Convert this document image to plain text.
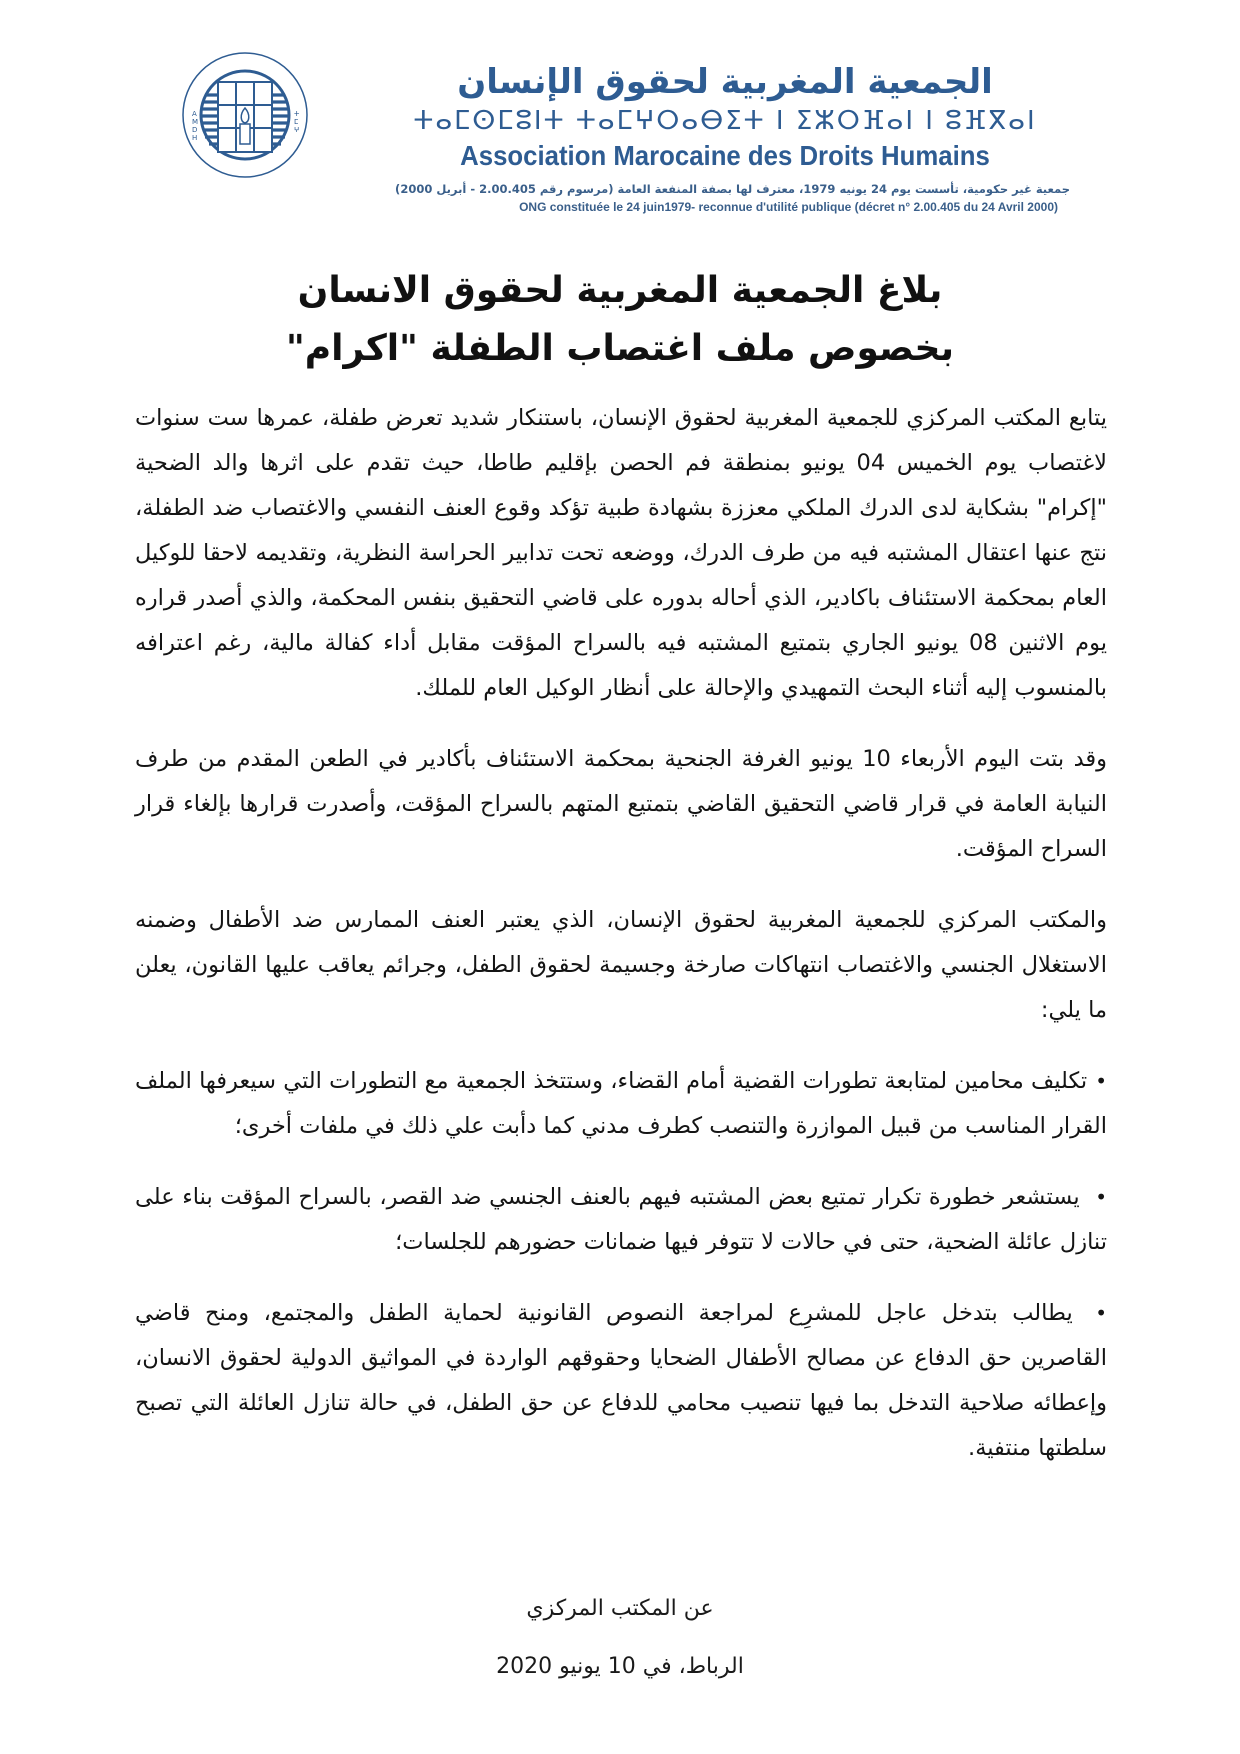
A
M
D
H
ⵜ
ⵎ
ⵖ
الجمعية المغربية لحقوق الإنسان
ⵜⴰⵎⵙⵎⵓⵏⵜ ⵜⴰⵎⵖⵔⴰⴱⵉⵜ ⵏ ⵉⵣⵔⴼⴰⵏ ⵏ ⵓⴼⴳⴰⵏ
Association Marocaine des Droits Humains
جمعية غير حكومية، تأسست يوم 24 يونيه 1979، معترف لها بصفة المنفعة العامة (مرسوم رقم 2.00.405 - أبريل 2000)
ONG constituée le 24 juin1979- reconnue d'utilité publique (décret n° 2.00.405 du 24 Avril 2000)
بلاغ الجمعية المغربية لحقوق الانسان
بخصوص ملف اغتصاب الطفلة "اكرام"

يتابع المكتب المركزي للجمعية المغربية لحقوق الإنسان، باستنكار شديد تعرض طفلة، عمرها ست سنوات لاغتصاب يوم الخميس 04 يونيو بمنطقة فم الحصن بإقليم طاطا، حيث تقدم على اثرها والد الضحية "إكرام" بشكاية لدى الدرك الملكي معززة بشهادة طبية تؤكد وقوع العنف النفسي والاغتصاب ضد الطفلة، نتج عنها اعتقال المشتبه فيه من طرف الدرك، ووضعه تحت تدابير الحراسة النظرية، وتقديمه لاحقا للوكيل العام بمحكمة الاستئناف باكادير، الذي أحاله بدوره على قاضي التحقيق بنفس المحكمة، والذي أصدر قراره يوم الاثنين 08 يونيو الجاري بتمتيع المشتبه فيه بالسراح المؤقت مقابل أداء كفالة مالية، رغم اعترافه بالمنسوب إليه أثناء البحث التمهيدي والإحالة على أنظار الوكيل العام للملك.

وقد بتت اليوم الأربعاء 10 يونيو الغرفة الجنحية بمحكمة الاستئناف بأكادير في الطعن المقدم من طرف النيابة العامة في قرار قاضي التحقيق القاضي بتمتيع المتهم بالسراح المؤقت، وأصدرت قرارها بإلغاء قرار السراح المؤقت.

والمكتب المركزي للجمعية المغربية لحقوق الإنسان، الذي يعتبر العنف الممارس ضد الأطفال وضمنه الاستغلال الجنسي والاغتصاب انتهاكات صارخة وجسيمة لحقوق الطفل، وجرائم يعاقب عليها القانون، يعلن ما يلي:

•تكليف محامين لمتابعة تطورات القضية أمام القضاء، وستتخذ الجمعية مع التطورات التي سيعرفها الملف القرار المناسب من قبيل الموازرة والتنصب كطرف مدني كما دأبت علي ذلك في ملفات أخرى؛

• يستشعر خطورة تكرار تمتيع بعض المشتبه فيهم بالعنف الجنسي ضد القصر، بالسراح المؤقت بناء على تنازل عائلة الضحية، حتى في حالات لا تتوفر فيها ضمانات حضورهم للجلسات؛

• يطالب بتدخل عاجل للمشرِع لمراجعة النصوص القانونية لحماية الطفل والمجتمع، ومنح قاضي القاصرين حق الدفاع عن مصالح الأطفال الضحايا وحقوقهم الواردة في المواثيق الدولية لحقوق الانسان، وإعطائه صلاحية التدخل بما فيها تنصيب محامي للدفاع عن حق الطفل، في حالة تنازل العائلة التي تصبح سلطتها منتفية.

عن المكتب المركزي
الرباط، في 10 يونيو 2020
